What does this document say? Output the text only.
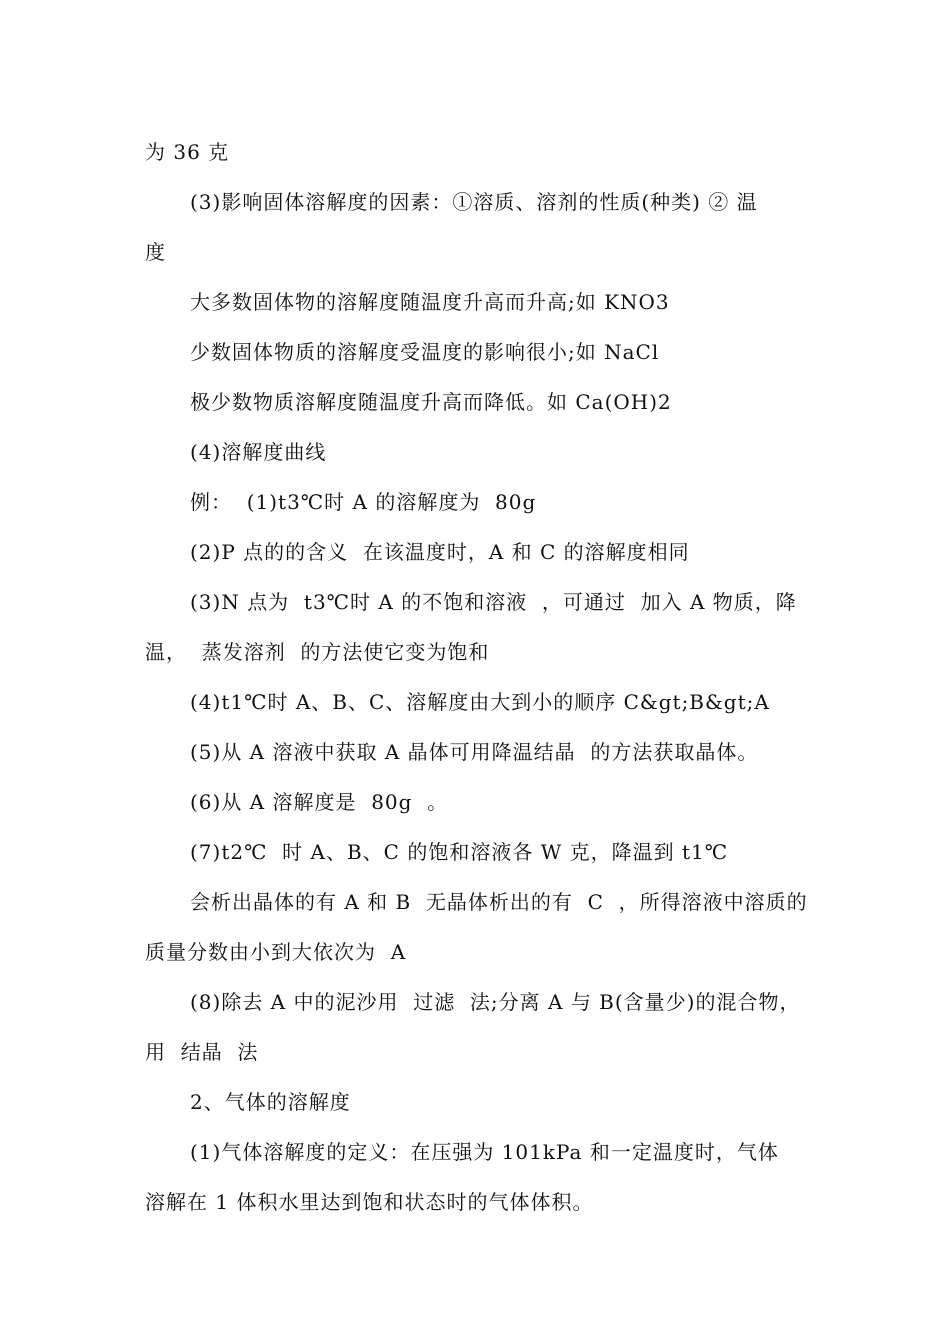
为 36 克
(3)影响固体溶解度的因素：①溶质、溶剂的性质(种类) ② 温
度
大多数固体物的溶解度随温度升高而升高;如 KNO3
少数固体物质的溶解度受温度的影响很小;如 NaCl
极少数物质溶解度随温度升高而降低。如 Ca(OH)2
(4)溶解度曲线
例：  (1)t3℃时 A 的溶解度为  80g
(2)P 点的的含义  在该温度时，A 和 C 的溶解度相同
(3)N 点为  t3℃时 A 的不饱和溶液  ，可通过  加入 A 物质，降
温，  蒸发溶剂  的方法使它变为饱和
(4)t1℃时 A、B、C、溶解度由大到小的顺序 C&gt;B&gt;A
(5)从 A 溶液中获取 A 晶体可用降温结晶  的方法获取晶体。
(6)从 A 溶解度是  80g  。
(7)t2℃  时 A、B、C 的饱和溶液各 W 克，降温到 t1℃
会析出晶体的有 A 和 B  无晶体析出的有  C  ，所得溶液中溶质的
质量分数由小到大依次为  A
(8)除去 A 中的泥沙用  过滤  法;分离 A 与 B(含量少)的混合物，
用  结晶  法
2、气体的溶解度
(1)气体溶解度的定义：在压强为 101kPa 和一定温度时，气体
溶解在 1 体积水里达到饱和状态时的气体体积。
